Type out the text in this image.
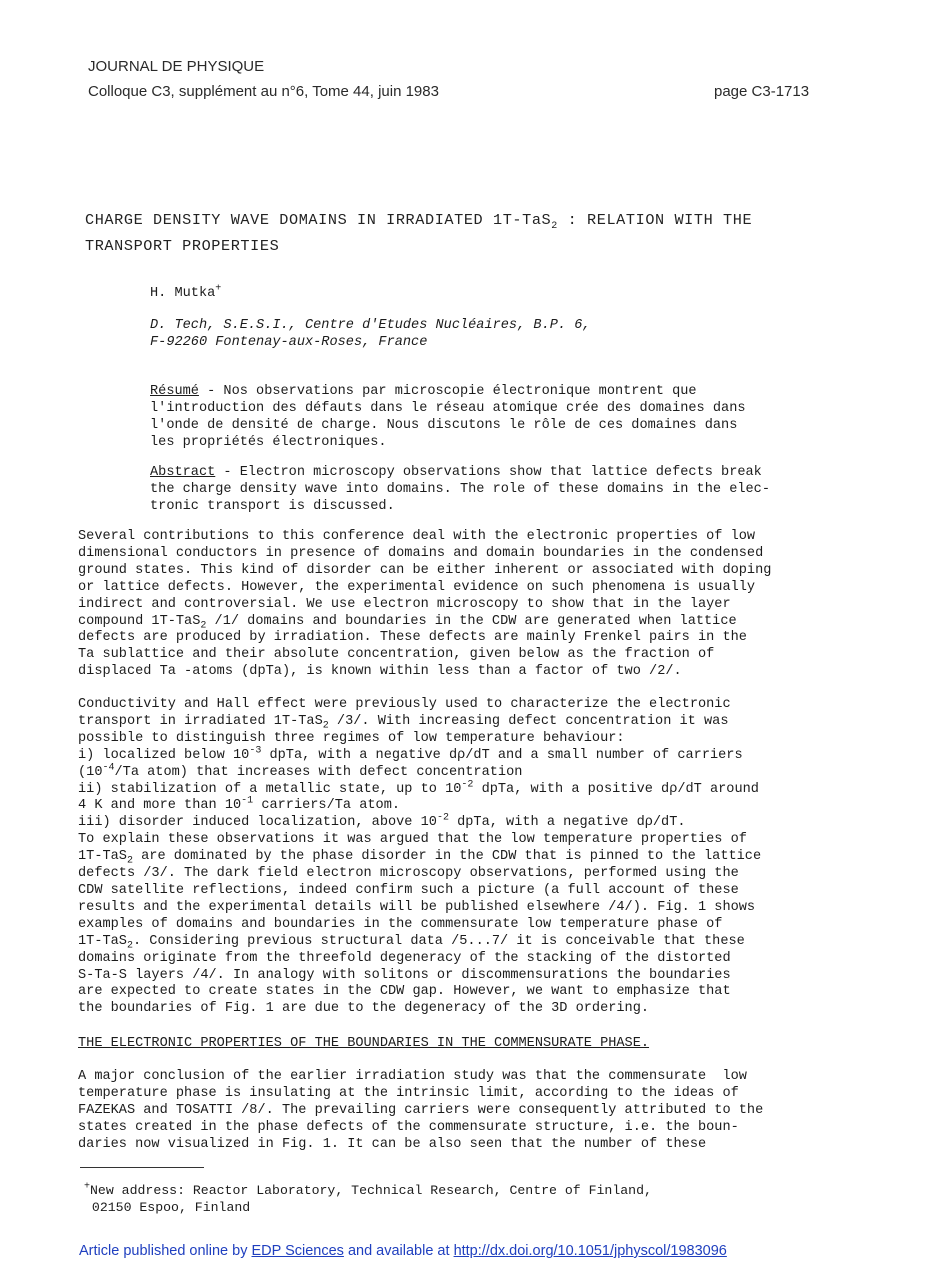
JOURNAL DE PHYSIQUE
Colloque C3, supplément au n°6, Tome 44, juin 1983	page C3-1713
CHARGE DENSITY WAVE DOMAINS IN IRRADIATED 1T-TaS$_2$ : RELATION WITH THE
TRANSPORT PROPERTIES
H. Mutka+
D. Tech, S.E.S.I., Centre d'Etudes Nucléaires, B.P. 6,
F-92260 Fontenay-aux-Roses, France
Résumé - Nos observations par microscopie électronique montrent que
l'introduction des défauts dans le réseau atomique crée des domaines dans
l'onde de densité de charge. Nous discutons le rôle de ces domaines dans
les propriétés électroniques.
Abstract - Electron microscopy observations show that lattice defects break
the charge density wave into domains. The role of these domains in the elec-
tronic transport is discussed.
Several contributions to this conference deal with the electronic properties of low
dimensional conductors in presence of domains and domain boundaries in the condensed
ground states. This kind of disorder can be either inherent or associated with doping
or lattice defects. However, the experimental evidence on such phenomena is usually
indirect and controversial. We use electron microscopy to show that in the layer
compound 1T-TaS$_2$ /1/ domains and boundaries in the CDW are generated when lattice
defects are produced by irradiation. These defects are mainly Frenkel pairs in the
Ta sublattice and their absolute concentration, given below as the fraction of
displaced Ta -atoms (dpTa), is known within less than a factor of two /2/.
Conductivity and Hall effect were previously used to characterize the electronic
transport in irradiated 1T-TaS$_2$ /3/. With increasing defect concentration it was
possible to distinguish three regimes of low temperature behaviour:
i) localized below $10^{-3}$ dpTa, with a negative dρ/dT and a small number of carriers
($10^{-4}/Ta$ atom) that increases with defect concentration
ii) stabilization of a metallic state, up to $10^{-2}$ dpTa, with a positive dρ/dT around
4 K and more than $10^{-1}$ carriers/Ta atom.
iii) disorder induced localization, above $10^{-2}$ dpTa, with a negative dρ/dT.
To explain these observations it was argued that the low temperature properties of
1T-TaS$_2$ are dominated by the phase disorder in the CDW that is pinned to the lattice
defects /3/. The dark field electron microscopy observations, performed using the
CDW satellite reflections, indeed confirm such a picture (a full account of these
results and the experimental details will be published elsewhere /4/). Fig. 1 shows
examples of domains and boundaries in the commensurate low temperature phase of
1T-TaS$_2$. Considering previous structural data /5...7/ it is conceivable that these
domains originate from the threefold degeneracy of the stacking of the distorted
S-Ta-S layers /4/. In analogy with solitons or discommensurations the boundaries
are expected to create states in the CDW gap. However, we want to emphasize that
the boundaries of Fig. 1 are due to the degeneracy of the 3D ordering.
THE ELECTRONIC PROPERTIES OF THE BOUNDARIES IN THE COMMENSURATE PHASE.
A major conclusion of the earlier irradiation study was that the commensurate  low
temperature phase is insulating at the intrinsic limit, according to the ideas of
FAZEKAS and TOSATTI /8/. The prevailing carriers were consequently attributed to the
states created in the phase defects of the commensurate structure, i.e. the boun-
daries now visualized in Fig. 1. It can be also seen that the number of these
+New address: Reactor Laboratory, Technical Research, Centre of Finland,
02150 Espoo, Finland
Article published online by EDP Sciences and available at http://dx.doi.org/10.1051/jphyscol/1983096
